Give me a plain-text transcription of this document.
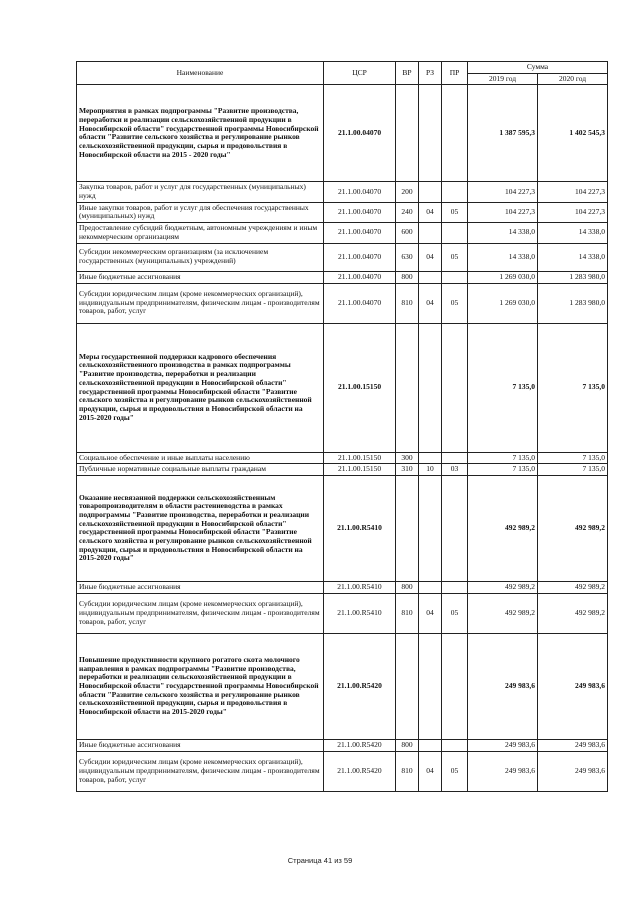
Наименование	ЦСР	ВР	РЗ	ПР	Сумма	
					2019 год	2020 год
Мероприятия в рамках подпрограммы "Развитие производства, переработки и реализации сельскохозяйственной продукции в Новосибирской области" государственной программы Новосибирской области "Развитие сельского хозяйства и регулирование рынков сельскохозяйственной продукции, сырья и продовольствия в Новосибирской области на 2015 - 2020 годы"	21.1.00.04070				1 387 595,3	1 402 545,3
Закупка товаров, работ и услуг для государственных (муниципальных) нужд	21.1.00.04070	200			104 227,3	104 227,3
Иные закупки товаров, работ и услуг для обеспечения государственных (муниципальных) нужд	21.1.00.04070	240	04	05	104 227,3	104 227,3
Предоставление субсидий бюджетным, автономным учреждениям и иным некоммерческим организациям	21.1.00.04070	600			14 338,0	14 338,0
Субсидии некоммерческим организациям (за исключением государственных (муниципальных) учреждений)	21.1.00.04070	630	04	05	14 338,0	14 338,0
Иные бюджетные ассигнования	21.1.00.04070	800			1 269 030,0	1 283 980,0
Субсидии юридическим лицам (кроме некоммерческих организаций), индивидуальным предпринимателям, физическим лицам - производителям товаров, работ, услуг	21.1.00.04070	810	04	05	1 269 030,0	1 283 980,0
Меры государственной поддержки кадрового обеспечения сельскохозяйственного производства в рамках подпрограммы "Развитие производства, переработки и реализации сельскохозяйственной продукции в Новосибирской области" государственной программы Новосибирской области "Развитие сельского хозяйства и регулирование рынков сельскохозяйственной продукции, сырья и продовольствия в Новосибирской области на 2015-2020 годы"	21.1.00.15150				7 135,0	7 135,0
Социальное обеспечение и иные выплаты населению	21.1.00.15150	300			7 135,0	7 135,0
Публичные нормативные социальные выплаты гражданам	21.1.00.15150	310	10	03	7 135,0	7 135,0
Оказание несвязанной поддержки сельскохозяйственным товаропроизводителям в области растениеводства в рамках подпрограммы "Развитие производства, переработки и реализации сельскохозяйственной продукции в Новосибирской области" государственной программы Новосибирской области "Развитие сельского хозяйства и регулирование рынков сельскохозяйственной продукции, сырья и продовольствия в Новосибирской области на 2015-2020 годы"	21.1.00.R5410				492 989,2	492 989,2
Иные бюджетные ассигнования	21.1.00.R5410	800			492 989,2	492 989,2
Субсидии юридическим лицам (кроме некоммерческих организаций), индивидуальным предпринимателям, физическим лицам - производителям товаров, работ, услуг	21.1.00.R5410	810	04	05	492 989,2	492 989,2
Повышение продуктивности крупного рогатого скота молочного направления в рамках подпрограммы "Развитие производства, переработки и реализации сельскохозяйственной продукции в Новосибирской области" государственной программы Новосибирской области "Развитие сельского хозяйства и регулирование рынков сельскохозяйственной продукции, сырья и продовольствия в Новосибирской области на 2015-2020 годы"	21.1.00.R5420				249 983,6	249 983,6
Иные бюджетные ассигнования	21.1.00.R5420	800			249 983,6	249 983,6
Субсидии юридическим лицам (кроме некоммерческих организаций), индивидуальным предпринимателям, физическим лицам - производителям товаров, работ, услуг	21.1.00.R5420	810	04	05	249 983,6	249 983,6
Страница 41 из 59
